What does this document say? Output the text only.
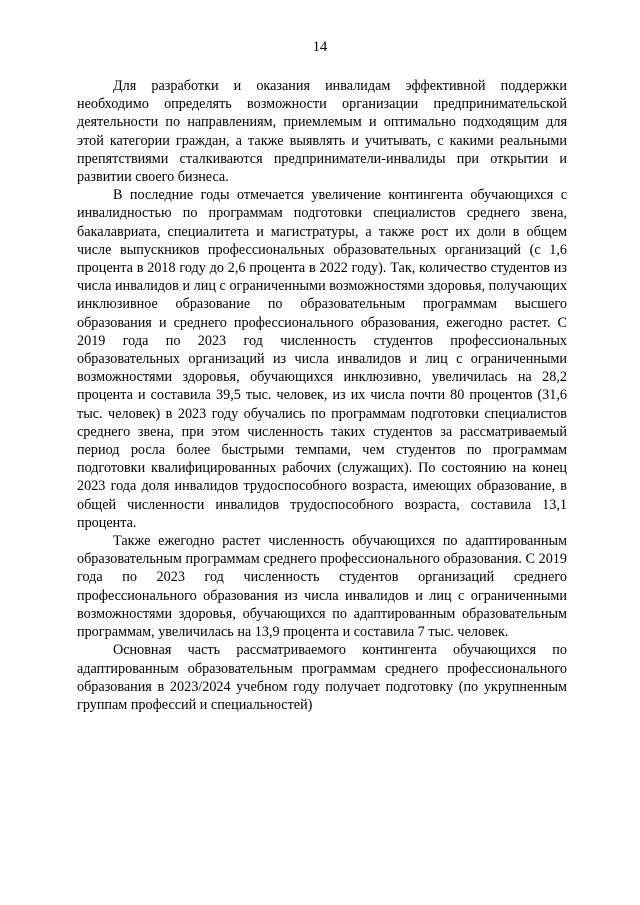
14

Для разработки и оказания инвалидам эффективной поддержки необходимо определять возможности организации предпринимательской деятельности по направлениям, приемлемым и оптимально подходящим для этой категории граждан, а также выявлять и учитывать, с какими реальными препятствиями сталкиваются предприниматели-инвалиды при открытии и развитии своего бизнеса.

В последние годы отмечается увеличение контингента обучающихся с инвалидностью по программам подготовки специалистов среднего звена, бакалавриата, специалитета и магистратуры, а также рост их доли в общем числе выпускников профессиональных образовательных организаций (с 1,6 процента в 2018 году до 2,6 процента в 2022 году). Так, количество студентов из числа инвалидов и лиц с ограниченными возможностями здоровья, получающих инклюзивное образование по образовательным программам высшего образования и среднего профессионального образования, ежегодно растет. С 2019 года по 2023 год численность студентов профессиональных образовательных организаций из числа инвалидов и лиц с ограниченными возможностями здоровья, обучающихся инклюзивно, увеличилась на 28,2 процента и составила 39,5 тыс. человек, из их числа почти 80 процентов (31,6 тыс. человек) в 2023 году обучались по программам подготовки специалистов среднего звена, при этом численность таких студентов за рассматриваемый период росла более быстрыми темпами, чем студентов по программам подготовки квалифицированных рабочих (служащих). По состоянию на конец 2023 года доля инвалидов трудоспособного возраста, имеющих образование, в общей численности инвалидов трудоспособного возраста, составила 13,1 процента.

Также ежегодно растет численность обучающихся по адаптированным образовательным программам среднего профессионального образования. С 2019 года по 2023 год численность студентов организаций среднего профессионального образования из числа инвалидов и лиц с ограниченными возможностями здоровья, обучающихся по адаптированным образовательным программам, увеличилась на 13,9 процента и составила 7 тыс. человек.

Основная часть рассматриваемого контингента обучающихся по адаптированным образовательным программам среднего профессионального образования в 2023/2024 учебном году получает подготовку (по укрупненным группам профессий и специальностей)
